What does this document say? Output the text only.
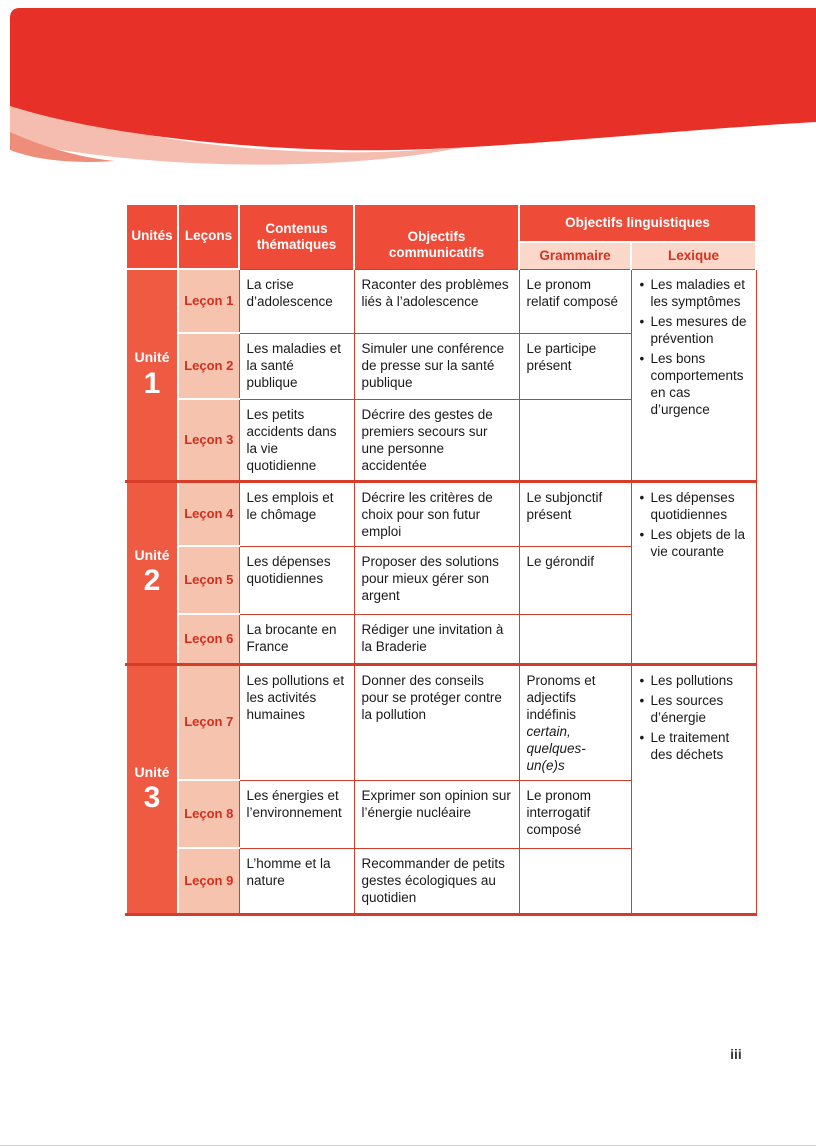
Unités	Leçons	Contenus thématiques	Objectifs communicatifs	Objectifs linguistiques	
				Grammaire	Lexique

Unité
1
	Leçon 1	La crise d’adolescence	Raconter des problèmes liés à l’adolescence	Le pronom relatif composé	
• Les maladies et les symptômes
• Les mesures de prévention
• Les bons comportements en cas d’urgence

	Leçon 2	Les maladies et la santé publique	Simuler une conférence de presse sur la santé publique	Le participe présent	
	Leçon 3	Les petits accidents dans la vie quotidienne	Décrire des gestes de premiers secours sur une personne accidentée		

Unité
2
	Leçon 4	Les emplois et le chômage	Décrire les critères de choix pour son futur emploi	Le subjonctif présent	
• Les dépenses quotidiennes
• Les objets de la vie courante

	Leçon 5	Les dépenses quotidiennes	Proposer des solutions pour mieux gérer son argent	Le gérondif	
	Leçon 6	La brocante en France	Rédiger une invitation à la Braderie		

Unité
3
	Leçon 7	Les pollutions et les activités humaines	Donner des conseils pour se protéger contre la pollution	Pronoms et adjectifs indéfinis certain, quelques-un(e)s	
• Les pollutions
• Les sources d’énergie
• Le traitement des déchets

	Leçon 8	Les énergies et l’environnement	Exprimer son opinion sur l’énergie nucléaire	Le pronom interrogatif composé	
	Leçon 9	L’homme et la nature	Recommander de petits gestes écologiques au quotidien		
iii
